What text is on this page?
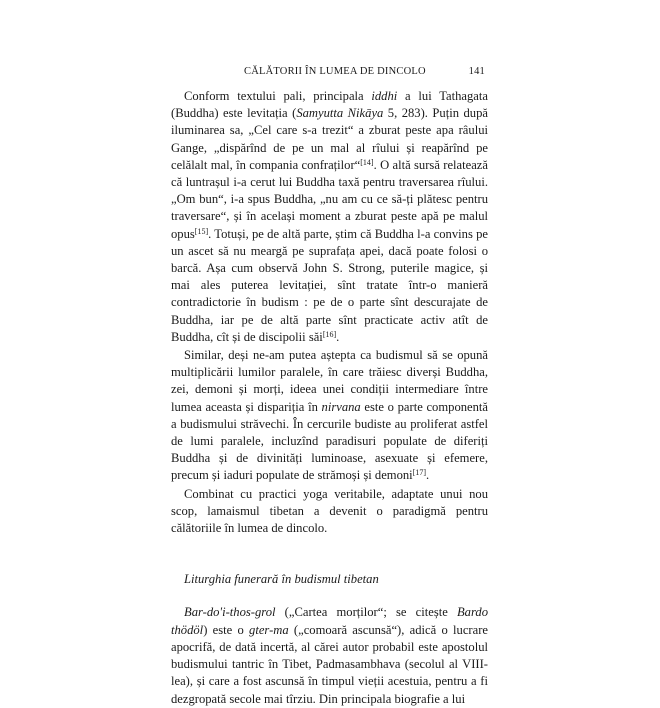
CĂLĂTORII ÎN LUMEA DE DINCOLO	141

Conform textului pali, principala iddhi a lui Tathagata (Buddha) este levitația (Samyutta Nikāya 5, 283). Puțin după iluminarea sa, „Cel care s-a trezit“ a zburat peste apa râului Gange, „dispărînd de pe un mal al rîului și reapărînd pe celălalt mal, în compania confraților“[14]. O altă sursă relatează că luntrașul i-a cerut lui Buddha taxă pentru traversarea rîului. „Om bun“, i-a spus Buddha, „nu am cu ce să-ți plătesc pentru traversare“, și în același moment a zburat peste apă pe malul opus[15]. Totuși, pe de altă parte, știm că Buddha l-a convins pe un ascet să nu meargă pe suprafața apei, dacă poate folosi o barcă. Așa cum observă John S. Strong, puterile magice, și mai ales puterea levitației, sînt tratate într-o manieră contradictorie în budism : pe de o parte sînt descurajate de Buddha, iar pe de altă parte sînt practicate activ atît de Buddha, cît și de discipolii săi[16].

Similar, deși ne-am putea aștepta ca budismul să se opună multiplicării lumilor paralele, în care trăiesc diverși Buddha, zei, demoni și morți, ideea unei condiții intermediare între lumea aceasta și dispariția în nirvana este o parte componentă a budismului străvechi. În cercurile budiste au proliferat astfel de lumi paralele, incluzînd paradisuri populate de diferiți Buddha și de divinități luminoase, asexuate și efemere, precum și iaduri populate de strămoși și demoni[17].

Combinat cu practici yoga veritabile, adaptate unui nou scop, lamaismul tibetan a devenit o paradigmă pentru călătoriile în lumea de dincolo.

Liturghia funerară în budismul tibetan

Bar-do'i-thos-grol („Cartea morților“; se citește Bardo thödöl) este o gter-ma („comoară ascunsă“), adică o lucrare apocrifă, de dată incertă, al cărei autor probabil este apostolul budismului tantric în Tibet, Padmasambhava (secolul al VIII-lea), și care a fost ascunsă în timpul vieții acestuia, pentru a fi dezgropată secole mai tîrziu. Din principala biografie a lui
